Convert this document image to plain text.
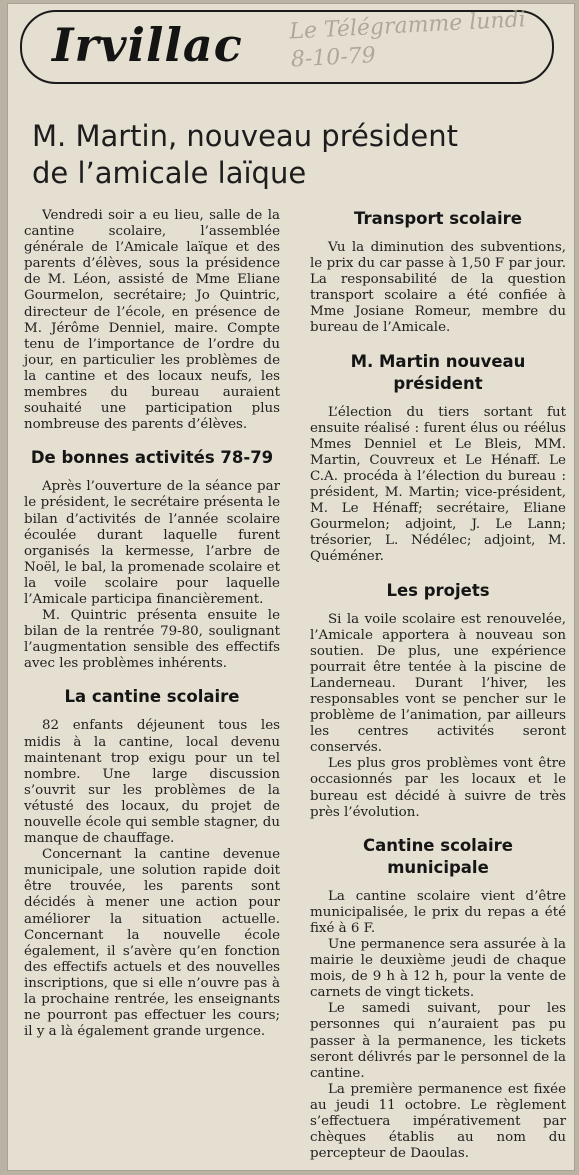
Irvillac Le Télégramme lundi 8-10-79
M. Martin, nouveau président
de l’amicale laïque

Vendredi soir a eu lieu, salle de la cantine scolaire, l’assemblée générale de l’Amicale laïque et des parents d’élèves, sous la présidence de M. Léon, assisté de Mme Eliane Gourmelon, secrétaire; Jo Quintric, directeur de l’école, en présence de M. Jérôme Denniel, maire. Compte tenu de l’importance de l’ordre du jour, en particulier les problèmes de la cantine et des locaux neufs, les membres du bureau auraient souhaité une participation plus nombreuse des parents d’élèves.

De bonnes activités 78-79

Après l’ouverture de la séance par le président, le secrétaire présenta le bilan d’activités de l’année scolaire écoulée durant laquelle furent organisés la kermesse, l’arbre de Noël, le bal, la promenade scolaire et la voile scolaire pour laquelle l’Amicale participa financièrement.

M. Quintric présenta ensuite le bilan de la rentrée 79-80, soulignant l’augmentation sensible des effectifs avec les problèmes inhérents.

La cantine scolaire

82 enfants déjeunent tous les midis à la cantine, local devenu maintenant trop exigu pour un tel nombre. Une large discussion s’ouvrit sur les problèmes de la vétusté des locaux, du projet de nouvelle école qui semble stagner, du manque de chauffage.

Concernant la cantine devenue municipale, une solution rapide doit être trouvée, les parents sont décidés à mener une action pour améliorer la situation actuelle. Concernant la nouvelle école également, il s’avère qu’en fonction des effectifs actuels et des nouvelles inscriptions, que si elle n’ouvre pas à la prochaine rentrée, les enseignants ne pourront pas effectuer les cours; il y a là également grande urgence.

Transport scolaire

Vu la diminution des subventions, le prix du car passe à 1,50 F par jour. La responsabilité de la question transport scolaire a été confiée à Mme Josiane Romeur, membre du bureau de l’Amicale.

M. Martin nouveau président

L’élection du tiers sortant fut ensuite réalisé : furent élus ou réélus Mmes Denniel et Le Bleis, MM. Martin, Couvreux et Le Hénaff. Le C.A. procéda à l’élection du bureau : président, M. Martin; vice-président, M. Le Hénaff; secrétaire, Eliane Gourmelon; adjoint, J. Le Lann; trésorier, L. Nédélec; adjoint, M. Quéméner.

Les projets

Si la voile scolaire est renouvelée, l’Amicale apportera à nouveau son soutien. De plus, une expérience pourrait être tentée à la piscine de Landerneau. Durant l’hiver, les responsables vont se pencher sur le problème de l’animation, par ailleurs les centres activités seront conservés.

Les plus gros problèmes vont être occasionnés par les locaux et le bureau est décidé à suivre de très près l’évolution.

Cantine scolaire municipale

La cantine scolaire vient d’être municipalisée, le prix du repas a été fixé à 6 F.

Une permanence sera assurée à la mairie le deuxième jeudi de chaque mois, de 9 h à 12 h, pour la vente de carnets de vingt tickets.

Le samedi suivant, pour les personnes qui n’auraient pas pu passer à la permanence, les tickets seront délivrés par le personnel de la cantine.

La première permanence est fixée au jeudi 11 octobre. Le règlement s’effectuera impérativement par chèques établis au nom du percepteur de Daoulas.
